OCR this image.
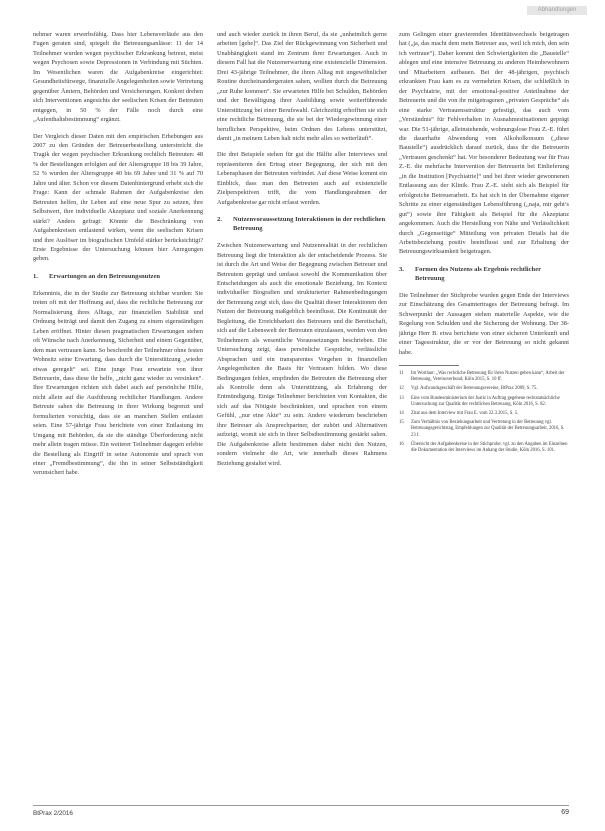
Abhandlungen

nehmer waren erwerbsfähig. Dass hier Lebensverläufe aus den Fugen geraten sind, spiegelt die Betreuungsanlässe: 11 der 14 Teilnehmer wurden wegen psychischer Erkrankung betreut, meist wegen Psychosen sowie Depressionen in Verbindung mit Süchten. Im Wesentlichen waren die Aufgabenkreise eingerichtet: Gesundheitsfürsorge, finanzielle Angelegenheiten sowie Vertretung gegenüber Ämtern, Behörden und Versicherungen. Konkret drehen sich Interventionen angesichts der seelischen Krisen der Betreuten entgegen, in 50 % der Fälle noch durch eine „Aufenthaltsbestimmung“ ergänzt.

Der Vergleich dieser Daten mit den empirischen Erhebungen aus 2007 zu den Gründen der Betreuerbestellung unterstreicht die Tragik der wegen psychischer Erkrankung rechtlich Betreuten: 48 % der Bestellungen erfolgten auf der Altersgruppe 18 bis 39 Jahre, 52 % wurden der Altersgruppe 40 bis 69 Jahre und 31 % auf 70 Jahre und älter. Schon vor diesem Datenhintergrund erhebt sich die Frage: Kann der schmale Rahmen der Aufgabenkreise den Betreuten helfen, ihr Leben auf eine neue Spur zu setzen, ihre Selbstwert, ihre individuelle Akzeptanz und soziale Anerkennung stärkt? Anders gefragt: Könnte die Beschränkung von Aufgabenkreisen entlastend wirken, wenn die seelischen Krisen und ihre Auslöser im biografischen Umfeld stärker berücksichtigt? Erste Ergebnisse der Untersuchung können hier Anregungen geben.

1.	Erwartungen an den Betreuungsnutzen

Erkenntnis, die in der Studie zur Betreuung sichtbar wurden: Sie treten oft mit der Hoffnung auf, dass die rechtliche Betreuung zur Normalisierung ihres Alltags, zur finanziellen Stabilität und Ordnung beiträgt und damit den Zugang zu einem eigenständigen Leben eröffnet. Hinter diesen pragmatischen Erwartungen stehen oft Wünsche nach Anerkennung, Sicherheit und einem Gegenüber, dem man vertrauen kann. So beschreibt der Teilnehmer ohne festen Wohnsitz seine Erwartung, dass durch die Unterstützung „wieder etwas geregelt“ sei. Eine junge Frau erwartete von ihrer Betreuerin, dass diese ihr helfe, „nicht ganz wieder zu versinken“. Ihre Erwartungen richten sich dabei auch auf persönliche Hilfe, nicht allein auf die Ausführung rechtlicher Handlungen. Andere Betreute sahen die Betreuung in ihrer Wirkung begrenzt und formulierten vorsichtig, dass sie an manchen Stellen entlastet seien. Eine 57-jährige Frau berichtete von einer Entlastung im Umgang mit Behörden, da sie die ständige Überforderung nicht mehr allein tragen müsse. Ein weiterer Teilnehmer dagegen erlebte die Bestellung als Eingriff in seine Autonomie und sprach von einer „Fremdbestimmung“, die ihn in seiner Selbstständigkeit verunsichert habe.

und auch wieder zurück in ihren Beruf, da sie „unheimlich gerne arbeiten [gehe]“. Das Ziel der Rückgewinnung von Sicherheit und Unabhängigkeit stand im Zentrum ihrer Erwartungen. Auch in diesem Fall hat die Nutzenerwartung eine existenzielle Dimension. Drei 43-jährige Teilnehmer, die ihren Alltag mit ungewöhnlicher Routine durcheinandergeraten sahen, wollten durch die Betreuung „zur Ruhe kommen“. Sie erwarteten Hilfe bei Schulden, Behörden und der Bewältigung ihrer Ausbildung sowie weiterführende Unterstützung bei einer Berufswahl. Gleichzeitig erhofften sie sich eine rechtliche Betreuung, die sie bei der Wiedergewinnung einer beruflichen Perspektive, beim Ordnen des Lebens unterstützt, damit „in meinem Leben halt nicht mehr alles so weiterläuft“.

Die drei Beispiele stehen für gut die Hälfte aller Interviews und repräsentieren den Ertrag einer Begegnung, der sich mit den Lebensphasen der Betreuten verbindet. Auf diese Weise kommt ein Einblick, dass man den Betreuten auch auf existenzielle Zielperspektiven trifft, die vom Handlungsrahmen der Aufgabenkreise gar nicht erfasst werden.

2.	Nutzenvoraussetzung Interaktionen in der rechtlichen Betreuung

Zwischen Nutzenerwartung und Nutzenrealität in der rechtlichen Betreuung liegt die Interaktion als der entscheidende Prozess. Sie ist durch die Art und Weise der Begegnung zwischen Betreuer und Betreutem geprägt und umfasst sowohl die Kommunikation über Entscheidungen als auch die emotionale Beziehung. Im Kontext individueller Biografien und strukturierter Rahmenbedingungen der Betreuung zeigt sich, dass die Qualität dieser Interaktionen den Nutzen der Betreuung maßgeblich beeinflusst. Die Kontinuität der Begleitung, die Erreichbarkeit des Betreuers und die Bereitschaft, sich auf die Lebenswelt der Betreuten einzulassen, werden von den Teilnehmern als wesentliche Voraussetzungen beschrieben. Die Untersuchung zeigt, dass persönliche Gespräche, verlässliche Absprachen und ein transparentes Vorgehen in finanziellen Angelegenheiten die Basis für Vertrauen bilden. Wo diese Bedingungen fehlen, empfinden die Betreuten die Betreuung eher als Kontrolle denn als Unterstützung, als Erfahrung der Entmündigung. Einige Teilnehmer berichteten von Kontakten, die sich auf das Nötigste beschränkten, und sprachen von einem Gefühl, „nur eine Akte“ zu sein. Andere wiederum beschrieben ihre Betreuer als Ansprechpartner, der zuhört und Alternativen aufzeigt, womit sie sich in ihrer Selbstbestimmung gestärkt sahen. Die Aufgabenkreise allein bestimmen daher nicht den Nutzen, sondern vielmehr die Art, wie innerhalb dieses Rahmens Beziehung gestaltet wird.

zum Gelingen einer gravierenden Identitätswechsels beigetragen hat („ja, das macht dem mein Betreuer aus, weil ich mich, den sein ich vertraue“). Daher kommt den Schwierigkeiten die „Baustelle“ ablegen und eine intensive Betreuung zu anderen Heimbewohnern und Mitarbeitern aufbauen. Bei der 48-jährigen, psychisch erkrankten Frau kam es zu vermehrten Krisen, die schließlich in der Psychiatrie, mit der emotional-positive Anteilnahme der Betreuerin und die von ihr mitgetragenen „privaten Gespräche“ als eine starke Vertrauensstruktur gefestigt, das auch vom „Verständnis“ für Fehlverhalten in Ausnahmesituationen geprägt war. Die 51-jährige, alleinstehende, wohnungslose Frau Z.-E. führt die dauerhafte Abwendung vom Alkoholkonsum („diese Baustelle“) ausdrücklich darauf zurück, dass ihr die Betreuerin „Vertrauen geschenkt“ hat. Vor besonderer Bedeutung war für Frau Z.-E. die mehrfache Intervention der Betreuerin bei Einlieferung „in die Institution [Psychiatrie]“ und bei ihrer wieder gewonnenen Entlassung aus der Klinik. Frau Z.-E. sieht sich als Beispiel für erfolgreiche Betreuerarbeit. Es hat sich in der Übernahme eigener Schritte zu einer eigenständigen Lebensführung („naja, mir geht’s gut“) sowie ihre Fähigkeit als Beispiel für die Akzeptanz angekommen. Auch die Herstellung von Nähe und Verlässlichkeit durch „Gegenseitige“ Mitteilung von privaten Details hat die Arbeitsbeziehung positiv beeinflusst und zur Erhaltung der Betreuungswirksamkeit beigetragen.

3.	Formen des Nutzens als Ergebnis rechtlicher Betreuung

Die Teilnehmer der Stichprobe wurden gegen Ende der Interviews zur Einschätzung des Gesamtertrages der Betreuung befragt. Im Schwerpunkt der Aussagen stehen materielle Aspekte, wie die Regelung von Schulden und die Sicherung der Wohnung. Der 38-jährige Herr B. etwa berichtete von einer sicheren Unterkunft und einer Tagesstruktur, die er vor der Betreuung so nicht gekannt habe.

11	Im Wortlaut: „Was rechtliche Betreuung für ihren Nutzen geben kann“, Arbeit der Betreuung, Vereinsverbund, Köln 2015, S. 10 ff.
12	Vgl. Aufwandsgeschäft der Betreuungsvereine, BtPrax 2009, S. 75.
13	Eine vom Bundesministerium der Justiz in Auftrag gegebene rechtstatsächliche Untersuchung zur Qualität der rechtlichen Betreuung, Köln 2016, S. 82.
14	Zitat aus dem Interview mit Frau E. vom 22.3.2015, S. 5.
15	Zum Verhältnis von Beziehungsarbeit und Vertretung in der Betreuung vgl. Betreuungsgerichtstag, Empfehlungen zur Qualität der Betreuungsarbeit, 2016, S. 23 f.
16	Übersicht der Aufgabenkreise in der Stichprobe; vgl. zu den Angaben im Einzelnen die Dokumentation der Interviews im Anhang der Studie, Köln 2016, S. 101.
BtPrax 2/2016	69
